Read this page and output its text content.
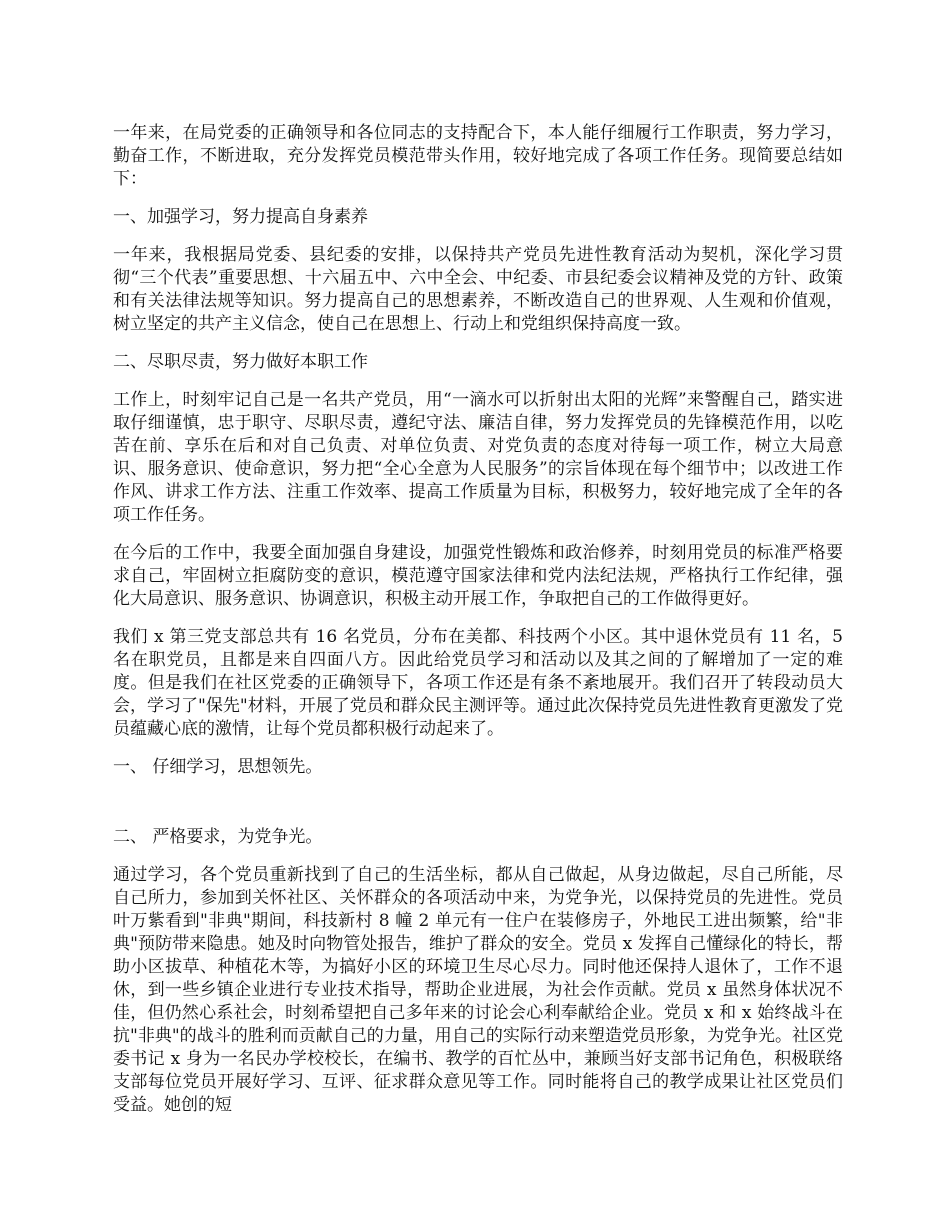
一年来，在局党委的正确领导和各位同志的支持配合下，本人能仔细履行工作职责，努力学习，勤奋工作，不断进取，充分发挥党员模范带头作用，较好地完成了各项工作任务。现简要总结如下：

一、加强学习，努力提高自身素养

一年来，我根据局党委、县纪委的安排，以保持共产党员先进性教育活动为契机，深化学习贯彻“三个代表”重要思想、十六届五中、六中全会、中纪委、市县纪委会议精神及党的方针、政策和有关法律法规等知识。努力提高自己的思想素养，不断改造自己的世界观、人生观和价值观，树立坚定的共产主义信念，使自己在思想上、行动上和党组织保持高度一致。

二、尽职尽责，努力做好本职工作

工作上，时刻牢记自己是一名共产党员，用“一滴水可以折射出太阳的光辉”来警醒自己，踏实进取仔细谨慎，忠于职守、尽职尽责，遵纪守法、廉洁自律，努力发挥党员的先锋模范作用，以吃苦在前、享乐在后和对自己负责、对单位负责、对党负责的态度对待每一项工作，树立大局意识、服务意识、使命意识，努力把“全心全意为人民服务”的宗旨体现在每个细节中；以改进工作作风、讲求工作方法、注重工作效率、提高工作质量为目标，积极努力，较好地完成了全年的各项工作任务。

在今后的工作中，我要全面加强自身建设，加强党性锻炼和政治修养，时刻用党员的标准严格要求自己，牢固树立拒腐防变的意识，模范遵守国家法律和党内法纪法规，严格执行工作纪律，强化大局意识、服务意识、协调意识，积极主动开展工作，争取把自己的工作做得更好。

我们 x 第三党支部总共有 16 名党员，分布在美都、科技两个小区。其中退休党员有 11 名，5 名在职党员，且都是来自四面八方。因此给党员学习和活动以及其之间的了解增加了一定的难度。但是我们在社区党委的正确领导下，各项工作还是有条不紊地展开。我们召开了转段动员大会，学习了"保先"材料，开展了党员和群众民主测评等。通过此次保持党员先进性教育更激发了党员蕴藏心底的激情，让每个党员都积极行动起来了。

一、 仔细学习，思想领先。

二、 严格要求，为党争光。

通过学习，各个党员重新找到了自己的生活坐标，都从自己做起，从身边做起，尽自己所能，尽自己所力，参加到关怀社区、关怀群众的各项活动中来，为党争光，以保持党员的先进性。党员叶万紫看到"非典"期间，科技新村 8 幢 2 单元有一住户在装修房子，外地民工进出频繁，给"非典"预防带来隐患。她及时向物管处报告，维护了群众的安全。党员 x 发挥自己懂绿化的特长，帮助小区拔草、种植花木等，为搞好小区的环境卫生尽心尽力。同时他还保持人退休了，工作不退休，到一些乡镇企业进行专业技术指导，帮助企业进展，为社会作贡献。党员 x 虽然身体状况不佳，但仍然心系社会，时刻希望把自己多年来的讨论会心利奉献给企业。党员 x 和 x 始终战斗在抗"非典"的战斗的胜利而贡献自己的力量，用自己的实际行动来塑造党员形象，为党争光。社区党委书记 x 身为一名民办学校校长，在编书、教学的百忙丛中，兼顾当好支部书记角色，积极联络支部每位党员开展好学习、互评、征求群众意见等工作。同时能将自己的教学成果让社区党员们受益。她创的短
